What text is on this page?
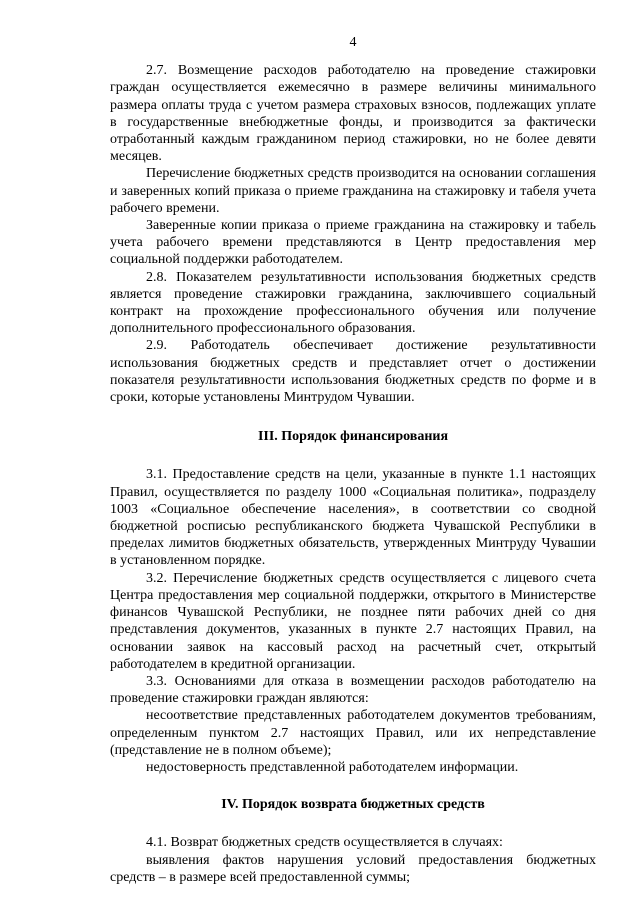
4

2.7. Возмещение расходов работодателю на проведение стажировки граждан осуществляется ежемесячно в размере величины минимального размера оплаты труда с учетом размера страховых взносов, подлежащих уплате в государственные внебюджетные фонды, и производится за фактически отработанный каждым гражданином период стажировки, но не более девяти месяцев.

Перечисление бюджетных средств производится на основании соглашения и заверенных копий приказа о приеме гражданина на стажировку и табеля учета рабочего времени.

Заверенные копии приказа о приеме гражданина на стажировку и табель учета рабочего времени представляются в Центр предоставления мер социальной поддержки работодателем.

2.8. Показателем результативности использования бюджетных средств является проведение стажировки гражданина, заключившего социальный контракт на прохождение профессионального обучения или получение дополнительного профессионального образования.

2.9. Работодатель обеспечивает достижение результативности использования бюджетных средств и представляет отчет о достижении показателя результативности использования бюджетных средств по форме и в сроки, которые установлены Минтрудом Чувашии.

III. Порядок финансирования

3.1. Предоставление средств на цели, указанные в пункте 1.1 настоящих Правил, осуществляется по разделу 1000 «Социальная политика», подразделу 1003 «Социальное обеспечение населения», в соответствии со сводной бюджетной росписью республиканского бюджета Чувашской Республики в пределах лимитов бюджетных обязательств, утвержденных Минтруду Чувашии в установленном порядке.

3.2. Перечисление бюджетных средств осуществляется с лицевого счета Центра предоставления мер социальной поддержки, открытого в Министерстве финансов Чувашской Республики, не позднее пяти рабочих дней со дня представления документов, указанных в пункте 2.7 настоящих Правил, на основании заявок на кассовый расход на расчетный счет, открытый работодателем в кредитной организации.

3.3. Основаниями для отказа в возмещении расходов работодателю на проведение стажировки граждан являются:

несоответствие представленных работодателем документов требованиям, определенным пунктом 2.7 настоящих Правил, или их непредставление (представление не в полном объеме);

недостоверность представленной работодателем информации.

IV. Порядок возврата бюджетных средств

4.1. Возврат бюджетных средств осуществляется в случаях:

выявления фактов нарушения условий предоставления бюджетных средств – в размере всей предоставленной суммы;
